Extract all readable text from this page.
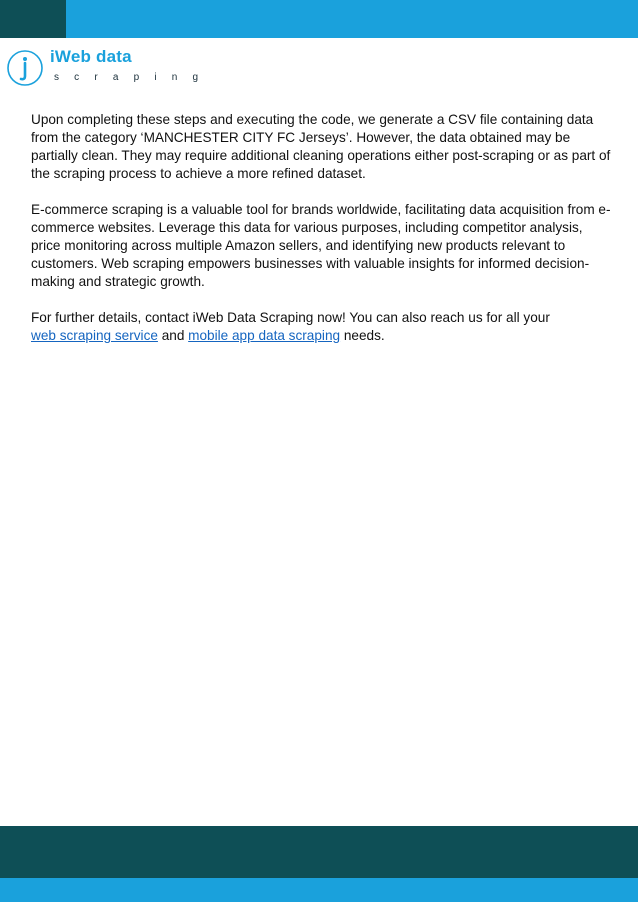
iWeb data
s c r a p i n g

Upon completing these steps and executing the code, we generate a CSV file containing data from the category ‘MANCHESTER CITY FC Jerseys’. However, the data obtained may be partially clean. They may require additional cleaning operations either post-scraping or as part of the scraping process to achieve a more refined dataset.

E-commerce scraping is a valuable tool for brands worldwide, facilitating data acquisition from e-commerce websites. Leverage this data for various purposes, including competitor analysis, price monitoring across multiple Amazon sellers, and identifying new products relevant to customers. Web scraping empowers businesses with valuable insights for informed decision-making and strategic growth.

For further details, contact iWeb Data Scraping now! You can also reach us for all your
web scraping service and mobile app data scraping needs.
